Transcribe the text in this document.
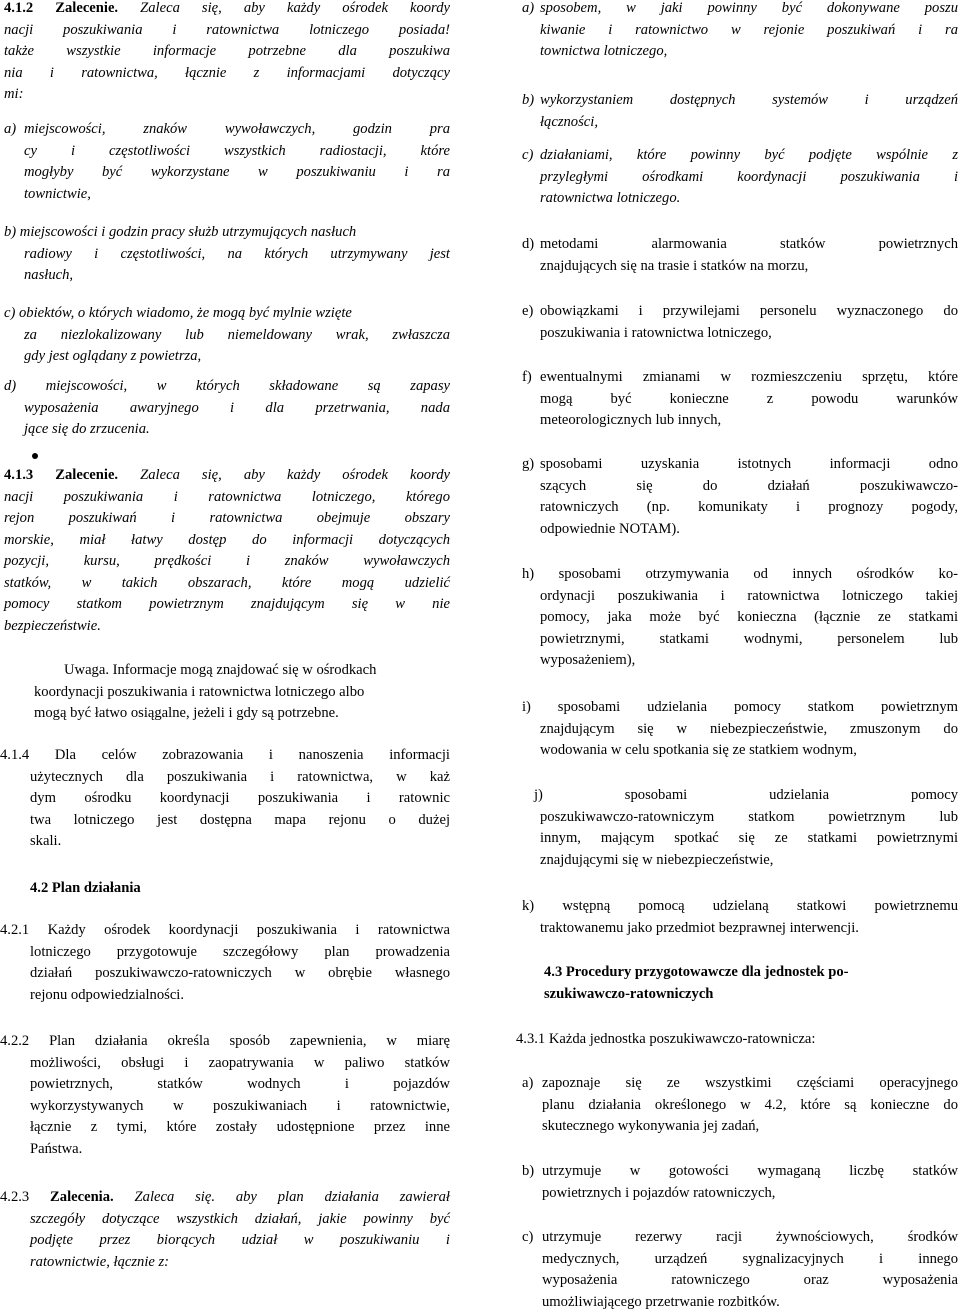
4.1.2 Zalecenie. Zaleca się, aby każdy ośrodek koordy
nacji poszukiwania i ratownictwa lotniczego posiada!
także wszystkie informacje potrzebne dla poszukiwa
nia i ratownictwa, łącznie z informacjami dotyczący
mi:
a) miejscowości, znaków wywoławczych, godzin pra
cy i częstotliwości wszystkich radiostacji, które
mogłyby być wykorzystane w poszukiwaniu i ra
townictwie,
b) miejscowości i godzin pracy służb utrzymujących nasłuch
radiowy i częstotliwości, na których utrzymywany jest
nasłuch,
c) obiektów, o których wiadomo, że mogą być mylnie wzięte
za niezlokalizowany lub niemeldowany wrak, zwłaszcza
gdy jest oglądany z powietrza,
d) miejscowości, w których składowane są zapasy
wyposażenia awaryjnego i dla przetrwania, nada
jące się do zrzucenia.
4.1.3 Zalecenie. Zaleca się, aby każdy ośrodek koordy
nacji poszukiwania i ratownictwa lotniczego, którego
rejon poszukiwań i ratownictwa obejmuje obszary
morskie, miał łatwy dostęp do informacji dotyczących
pozycji, kursu, prędkości i znaków wywoławczych
statków, w takich obszarach, które mogą udzielić
pomocy statkom powietrznym znajdującym się w nie
bezpieczeństwie.
Uwaga. Informacje mogą znajdować się w ośrodkach
koordynacji poszukiwania i ratownictwa lotniczego albo
mogą być łatwo osiągalne, jeżeli i gdy są potrzebne.
4.1.4 Dla celów zobrazowania i nanoszenia informacji
użytecznych dla poszukiwania i ratownictwa, w każ
dym ośrodku koordynacji poszukiwania i ratownic
twa lotniczego jest dostępna mapa rejonu o dużej
skali.
4.2 Plan działania
4.2.1 Każdy ośrodek koordynacji poszukiwania i ratownictwa
lotniczego przygotowuje szczegółowy plan prowadzenia
działań poszukiwawczo-ratowniczych w obrębie własnego
rejonu odpowiedzialności.
4.2.2 Plan działania określa sposób zapewnienia, w miarę
możliwości, obsługi i zaopatrywania w paliwo statków
powietrznych, statków wodnych i pojazdów
wykorzystywanych w poszukiwaniach i ratownictwie,
łącznie z tymi, które zostały udostępnione przez inne
Państwa.
4.2.3 Zalecenia. Zaleca się. aby plan działania zawierał
szczegóły dotyczące wszystkich działań, jakie powinny być
podjęte przez biorących udział w poszukiwaniu i
ratownictwie, łącznie z:
a) sposobem, w jaki powinny być dokonywane poszu
kiwanie i ratownictwo w rejonie poszukiwań i ra
townictwa lotniczego,
b) wykorzystaniem dostępnych systemów i urządzeń
łączności,
c) działaniami, które powinny być podjęte wspólnie z
przyległymi ośrodkami koordynacji poszukiwania i
ratownictwa lotniczego.
d) metodami alarmowania statków powietrznych
znajdujących się na trasie i statków na morzu,
e) obowiązkami i przywilejami personelu wyznaczonego do
poszukiwania i ratownictwa lotniczego,
f) ewentualnymi zmianami w rozmieszczeniu sprzętu, które
mogą być konieczne z powodu warunków
meteorologicznych lub innych,
g) sposobami uzyskania istotnych informacji odno
szących się do działań poszukiwawczo-
ratowniczych (np. komunikaty i prognozy pogody,
odpowiednie NOTAM).
h) sposobami otrzymywania od innych ośrodków ko-
ordynacji poszukiwania i ratownictwa lotniczego takiej
pomocy, jaka może być konieczna (łącznie ze statkami
powietrznymi, statkami wodnymi, personelem lub
wyposażeniem),
i) sposobami udzielania pomocy statkom powietrznym
znajdującym się w niebezpieczeństwie, zmuszonym do
wodowania w celu spotkania się ze statkiem wodnym,
j) sposobami udzielania pomocy
poszukiwawczo-ratowniczym statkom powietrznym lub
innym, mającym spotkać się ze statkami powietrznymi
znajdującymi się w niebezpieczeństwie,
k) wstępną pomocą udzielaną statkowi powietrznemu
traktowanemu jako przedmiot bezprawnej interwencji.
4.3 Procedury przygotowawcze dla jednostek po-
szukiwawczo-ratowniczych
4.3.1 Każda jednostka poszukiwawczo-ratownicza:
a) zapoznaje się ze wszystkimi częściami operacyjnego
planu działania określonego w 4.2, które są konieczne do
skutecznego wykonywania jej zadań,
b) utrzymuje w gotowości wymaganą liczbę statków
powietrznych i pojazdów ratowniczych,
c) utrzymuje rezerwy racji żywnościowych, środków
medycznych, urządzeń sygnalizacyjnych i innego
wyposażenia ratowniczego oraz wyposażenia
umożliwiającego przetrwanie rozbitków.
